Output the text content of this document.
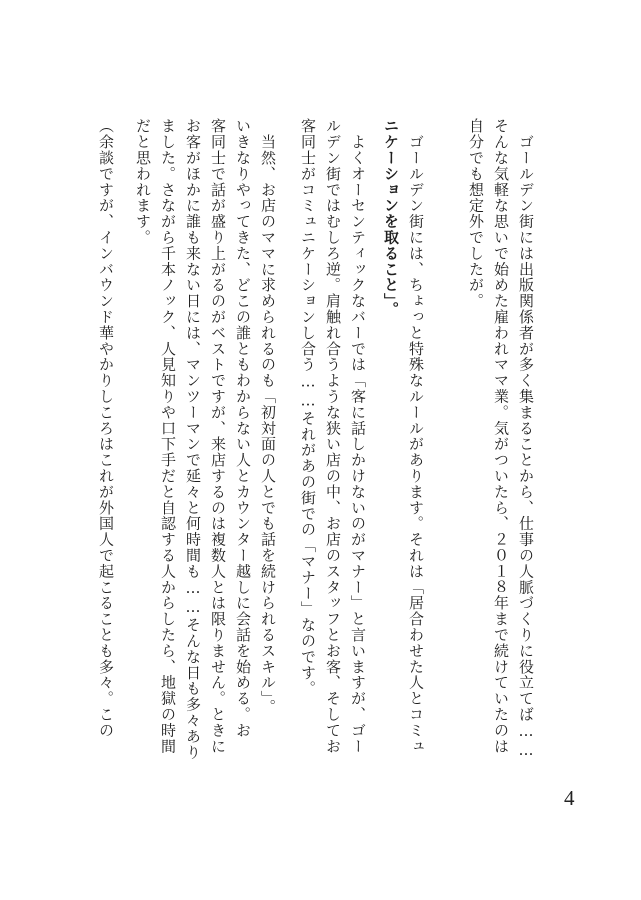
　ゴールデン街には出版関係者が多く集まることから、仕事の人脈づくりに役立てば……
そんな気軽な思いで始めた雇われママ業。気がついたら、２０１８年まで続けていたのは
自分でも想定外でしたが。
　ゴールデン街には、ちょっと特殊なルールがあります。それは「居合わせた人とコミュ
ニケーションを取ること」。
　よくオーセンティックなバーでは「客に話しかけないのがマナー」と言いますが、ゴー
ルデン街ではむしろ逆。肩触れ合うような狭い店の中、お店のスタッフとお客、そしてお
客同士がコミュニケーションし合う……それがあの街での「マナー」なのです。
　当然、お店のママに求められるのも「初対面の人とでも話を続けられるスキル」。
いきなりやってきた、どこの誰ともわからない人とカウンター越しに会話を始める。お
客同士で話が盛り上がるのがベストですが、来店するのは複数人とは限りません。ときに
お客がほかに誰も来ない日には、マンツーマンで延々と何時間も……そんな日も多々あり
ました。さながら千本ノック、人見知りや口下手だと自認する人からしたら、地獄の時間
だと思われます。
（余談ですが、インバウンド華やかりしころはこれが外国人で起こることも多々。この
4
